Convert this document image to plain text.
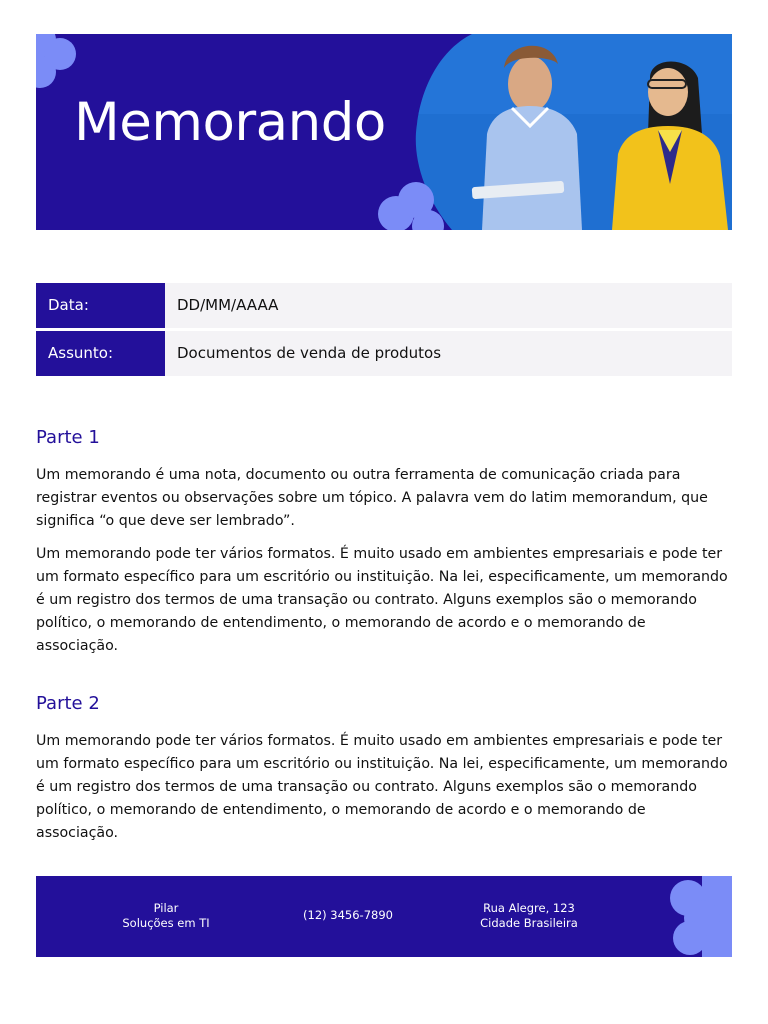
Memorando
Data:	DD/MM/AAAA
Assunto:	Documentos de venda de produtos
Parte 1

Um memorando é uma nota, documento ou outra ferramenta de comunicação criada para registrar eventos ou observações sobre um tópico. A palavra vem do latim memorandum, que significa “o que deve ser lembrado”.

Um memorando pode ter vários formatos. É muito usado em ambientes empresariais e pode ter um formato específico para um escritório ou instituição. Na lei, especificamente, um memorando é um registro dos termos de uma transação ou contrato. Alguns exemplos são o memorando político, o memorando de entendimento, o memorando de acordo e o memorando de associação.

Parte 2

Um memorando pode ter vários formatos. É muito usado em ambientes empresariais e pode ter um formato específico para um escritório ou instituição. Na lei, especificamente, um memorando é um registro dos termos de uma transação ou contrato. Alguns exemplos são o memorando político, o memorando de entendimento, o memorando de acordo e o memorando de associação.

Pilar
Soluções em TI
(12) 3456-7890	Rua Alegre, 123
Cidade Brasileira
